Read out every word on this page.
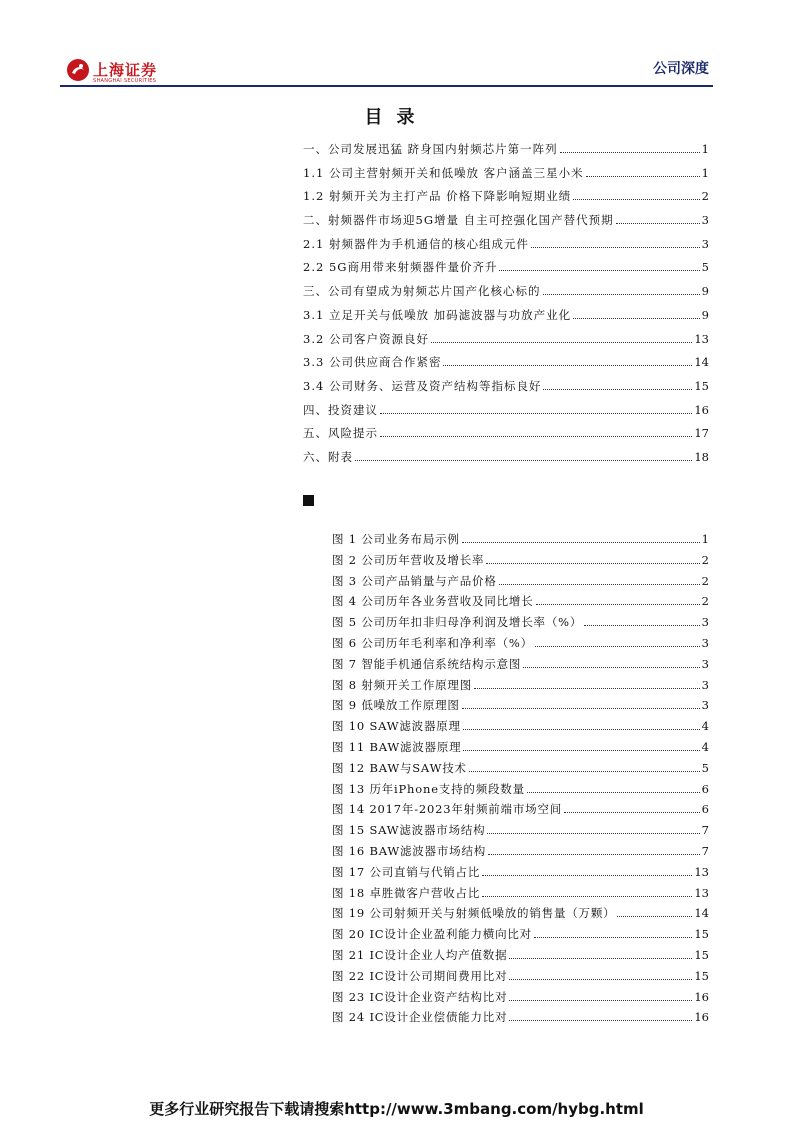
上海证券
SHANGHAI SECURITIES
公司深度
目录
一、公司发展迅猛 跻身国内射频芯片第一阵列	1
1.1 公司主营射频开关和低噪放 客户涵盖三星小米	1
1.2 射频开关为主打产品 价格下降影响短期业绩	2
二、射频器件市场迎5G增量 自主可控强化国产替代预期	3
2.1 射频器件为手机通信的核心组成元件	3
2.2 5G商用带来射频器件量价齐升	5
三、公司有望成为射频芯片国产化核心标的	9
3.1 立足开关与低噪放 加码滤波器与功放产业化	9
3.2 公司客户资源良好	13
3.3 公司供应商合作紧密	14
3.4 公司财务、运营及资产结构等指标良好	15
四、投资建议	16
五、风险提示	17
六、附表	18
图 1 公司业务布局示例	1
图 2 公司历年营收及增长率	2
图 3 公司产品销量与产品价格	2
图 4 公司历年各业务营收及同比增长	2
图 5 公司历年扣非归母净利润及增长率（%）	3
图 6 公司历年毛利率和净利率（%）	3
图 7 智能手机通信系统结构示意图	3
图 8 射频开关工作原理图	3
图 9 低噪放工作原理图	3
图 10 SAW滤波器原理	4
图 11 BAW滤波器原理	4
图 12 BAW与SAW技术	5
图 13 历年iPhone支持的频段数量	6
图 14 2017年-2023年射频前端市场空间	6
图 15 SAW滤波器市场结构	7
图 16 BAW滤波器市场结构	7
图 17 公司直销与代销占比	13
图 18 卓胜微客户营收占比	13
图 19 公司射频开关与射频低噪放的销售量（万颗）	14
图 20 IC设计企业盈利能力横向比对	15
图 21 IC设计企业人均产值数据	15
图 22 IC设计公司期间费用比对	15
图 23 IC设计企业资产结构比对	16
图 24 IC设计企业偿债能力比对	16
更多行业研究报告下载请搜索http://www.3mbang.com/hybg.html
